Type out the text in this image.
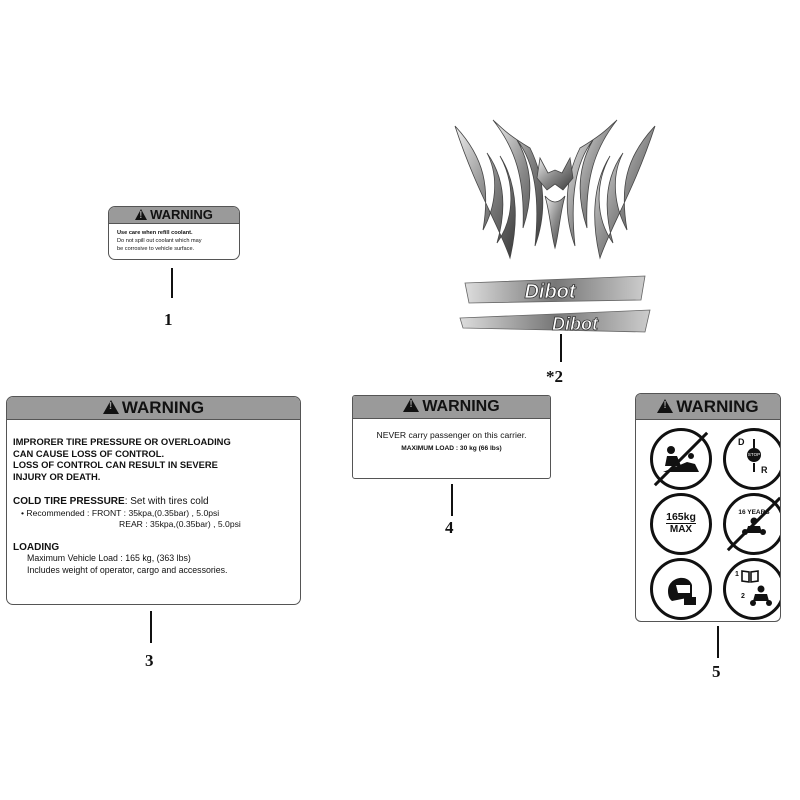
!WARNING
Use care when refill coolant.
Do not spill out coolant which may
be corrosive to vehicle surface.
1
Dibot
Dibot
*2
!WARNING
IMPRORER TIRE PRESSURE OR OVERLOADING
CAN CAUSE LOSS OF CONTROL.
LOSS OF CONTROL CAN RESULT IN SEVERE
INJURY OR DEATH.
COLD TIRE PRESSURE: Set with tires cold
• Recommended : FRONT : 35kpa,(0.35bar) , 5.0psi
REAR : 35kpa,(0.35bar) , 5.0psi
LOADING
Maximum Vehicle Load : 165 kg, (363 lbs)
Includes weight of operator, cargo and accessories.
3
!WARNING
NEVER carry passenger on this carrier.
MAXIMUM LOAD : 30 kg (66 lbs)
4
!WARNING
D
STOP
R
165kg
MAX
16 YEARS
1
2
5
